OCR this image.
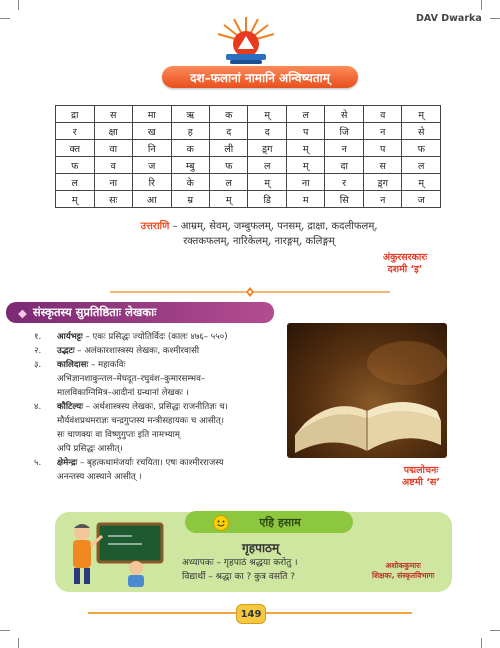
DAV Dwarka
दश–फलानां नामानि अन्विष्यताम्
द्रा	स	मा	ऋ	क	म्	ल	से	व	म्
र	क्षा	ख	ह	द	द	प	जि	न	से
क्त	वा	नि	क	ली	ड़्ग	म्	न	प	फ
फ	व	ज	म्बु	फ	ल	म्	दा	स	ल
ल	ना	रि	के	ल	म्	ना	र	ड़्ग	म्
म्	सः	आ	म्र	म्	डि	म	सि	न	ज
उत्तराणि – आम्रम्, सेवम्, जम्बुफलम्, पनसम्, द्राक्षा, कदलीफलम्,
रक्तकफलम्, नारिकेलम्, नारङ्गम्, कलिङ्गम्
अंकुरसरकारः
दशमी ‘इ’
◆ संस्कृतस्य सुप्रतिष्ठिताः लेखकाः
१. आर्यभट्टः – एकः प्रसिद्धः ज्योतिर्विदः (कालः ४७६– ५५०)
२. उद्भटः – अलंकारशास्त्रस्य लेखकः, कश्मीरवासी
३. कालिदासः – महाकविः
अभिज्ञानशाकुन्तल–मेघदूत–रघुवंश–कुमारसम्भव–
मालविकाग्निमित्र–आदीनां ग्रन्थानां लेखकः ।
४. कौटिल्यः – अर्थशास्त्रस्य लेखकः, प्रसिद्धः राजनीतिज्ञः च।
मौर्यवंशप्रथमराज्ञः चन्द्रगुप्तस्य मन्त्रीसहायकः च आसीत्।
सः चाणक्यः वा विष्णुगुप्तः इति नामभ्याम्
अपि प्रसिद्धः आसीत्।
५. क्षेमेन्द्रः – बृहत्कथामंजर्याः रचयिता। एषः काश्मीरराजस्य
अनन्तस्य आस्थाने आसीत् ।
पद्मलोचनः
अष्टमी ‘स’
एहि हसाम
गृहपाठम्
अध्यापकः – गृहपाठं श्रद्धया करोतु ।
विद्यार्थी – श्रद्धा का ? कुत्र वसति ?
अशोककुमारः
शिक्षकः, संस्कृतविभागः
149
